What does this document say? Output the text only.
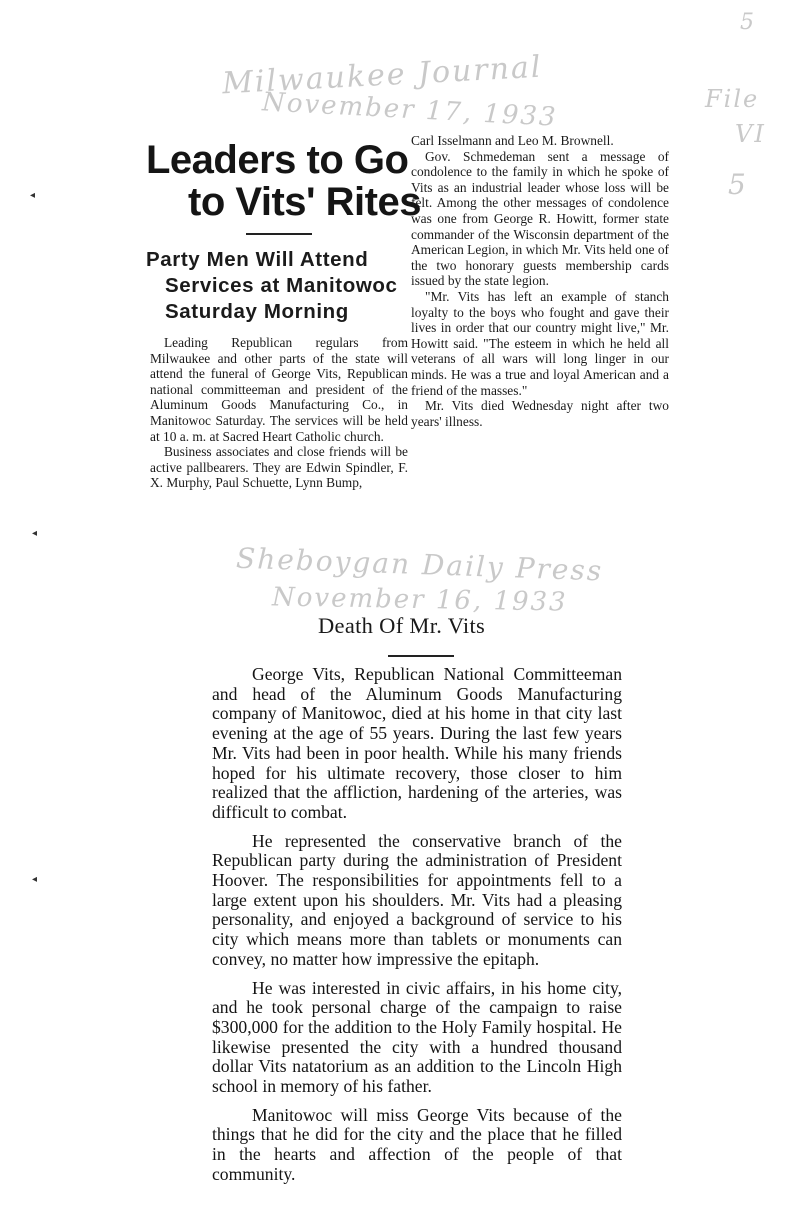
Milwaukee Journal
November 17, 1933
Sheboygan Daily Press
November 16, 1933
5
File
VI
5
◂
◂
◂
Leaders to Go
to Vits' Rites
Party Men Will Attend
Services at Manitowoc
Saturday Morning

Leading Republican regulars from Milwaukee and other parts of the state will attend the funeral of George Vits, Republican national committeeman and president of the Aluminum Goods Manufacturing Co., in Manitowoc Saturday. The services will be held at 10 a. m. at Sacred Heart Catholic church.

Business associates and close friends will be active pallbearers. They are Edwin Spindler, F. X. Murphy, Paul Schuette, Lynn Bump,

Carl Isselmann and Leo M. Brownell.

Gov. Schmedeman sent a message of condolence to the family in which he spoke of Vits as an industrial leader whose loss will be felt. Among the other messages of condolence was one from George R. Howitt, former state commander of the Wisconsin department of the American Legion, in which Mr. Vits held one of the two honorary guests membership cards issued by the state legion.

"Mr. Vits has left an example of stanch loyalty to the boys who fought and gave their lives in order that our country might live," Mr. Howitt said. "The esteem in which he held all veterans of all wars will long linger in our minds. He was a true and loyal American and a friend of the masses."

Mr. Vits died Wednesday night after two years' illness.

Death Of Mr. Vits

George Vits, Republican National Committeeman and head of the Aluminum Goods Manufacturing company of Manitowoc, died at his home in that city last evening at the age of 55 years. During the last few years Mr. Vits had been in poor health. While his many friends hoped for his ultimate recovery, those closer to him realized that the affliction, hardening of the arteries, was difficult to combat.

He represented the conservative branch of the Republican party during the administration of President Hoover. The responsibilities for appointments fell to a large extent upon his shoulders. Mr. Vits had a pleasing personality, and enjoyed a background of service to his city which means more than tablets or monuments can convey, no matter how impressive the epitaph.

He was interested in civic affairs, in his home city, and he took personal charge of the campaign to raise $300,000 for the addition to the Holy Family hospital. He likewise presented the city with a hundred thousand dollar Vits natatorium as an addition to the Lincoln High school in memory of his father.

Manitowoc will miss George Vits because of the things that he did for the city and the place that he filled in the hearts and affection of the people of that community.
